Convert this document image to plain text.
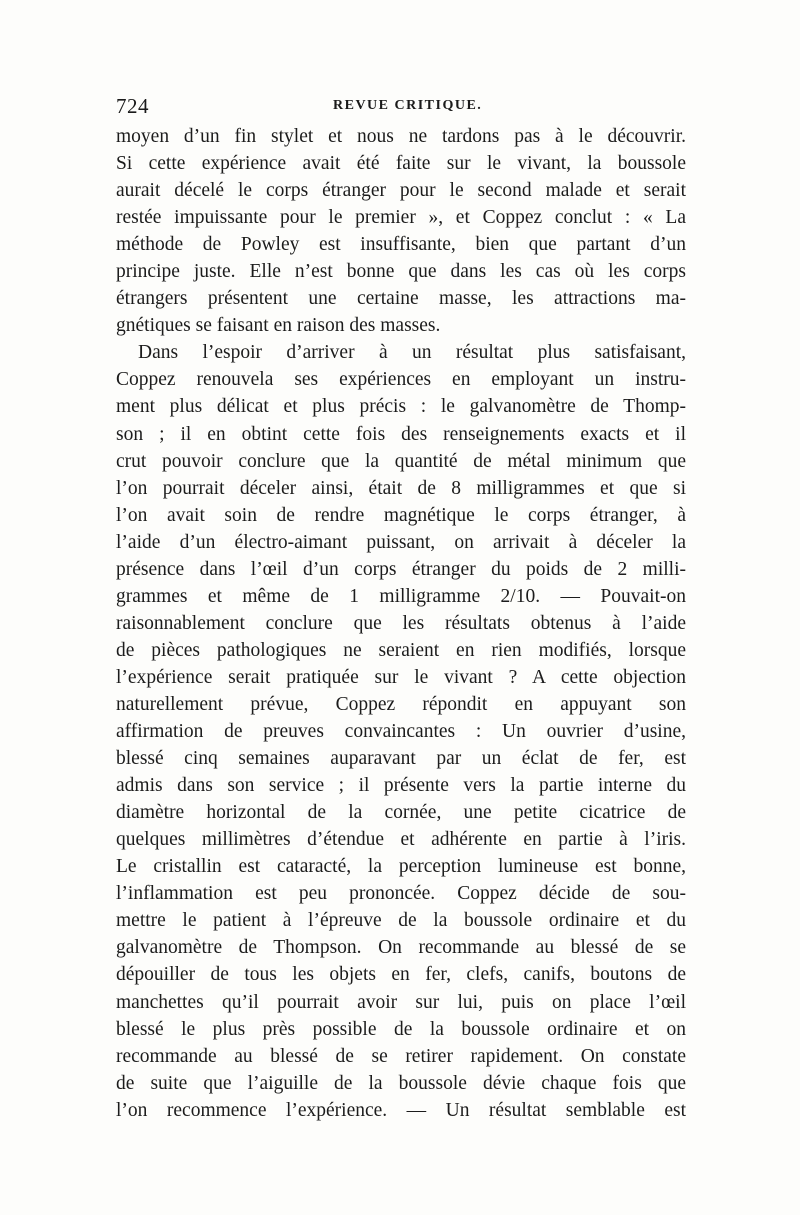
724	REVUE CRITIQUE.
moyen d’un fin stylet et nous ne tardons pas à le découvrir.
Si cette expérience avait été faite sur le vivant, la boussole
aurait décelé le corps étranger pour le second malade et serait
restée impuissante pour le premier », et Coppez conclut : « La
méthode de Powley est insuffisante, bien que partant d’un
principe juste. Elle n’est bonne que dans les cas où les corps
étrangers présentent une certaine masse, les attractions ma-
gnétiques se faisant en raison des masses.
Dans l’espoir d’arriver à un résultat plus satisfaisant,
Coppez renouvela ses expériences en employant un instru-
ment plus délicat et plus précis : le galvanomètre de Thomp-
son ; il en obtint cette fois des renseignements exacts et il
crut pouvoir conclure que la quantité de métal minimum que
l’on pourrait déceler ainsi, était de 8 milligrammes et que si
l’on avait soin de rendre magnétique le corps étranger, à
l’aide d’un électro-aimant puissant, on arrivait à déceler la
présence dans l’œil d’un corps étranger du poids de 2 milli-
grammes et même de 1 milligramme 2/10. — Pouvait-on
raisonnablement conclure que les résultats obtenus à l’aide
de pièces pathologiques ne seraient en rien modifiés, lorsque
l’expérience serait pratiquée sur le vivant ? A cette objection
naturellement prévue, Coppez répondit en appuyant son
affirmation de preuves convaincantes : Un ouvrier d’usine,
blessé cinq semaines auparavant par un éclat de fer, est
admis dans son service ; il présente vers la partie interne du
diamètre horizontal de la cornée, une petite cicatrice de
quelques millimètres d’étendue et adhérente en partie à l’iris.
Le cristallin est cataracté, la perception lumineuse est bonne,
l’inflammation est peu prononcée. Coppez décide de sou-
mettre le patient à l’épreuve de la boussole ordinaire et du
galvanomètre de Thompson. On recommande au blessé de se
dépouiller de tous les objets en fer, clefs, canifs, boutons de
manchettes qu’il pourrait avoir sur lui, puis on place l’œil
blessé le plus près possible de la boussole ordinaire et on
recommande au blessé de se retirer rapidement. On constate
de suite que l’aiguille de la boussole dévie chaque fois que
l’on recommence l’expérience. — Un résultat semblable est
